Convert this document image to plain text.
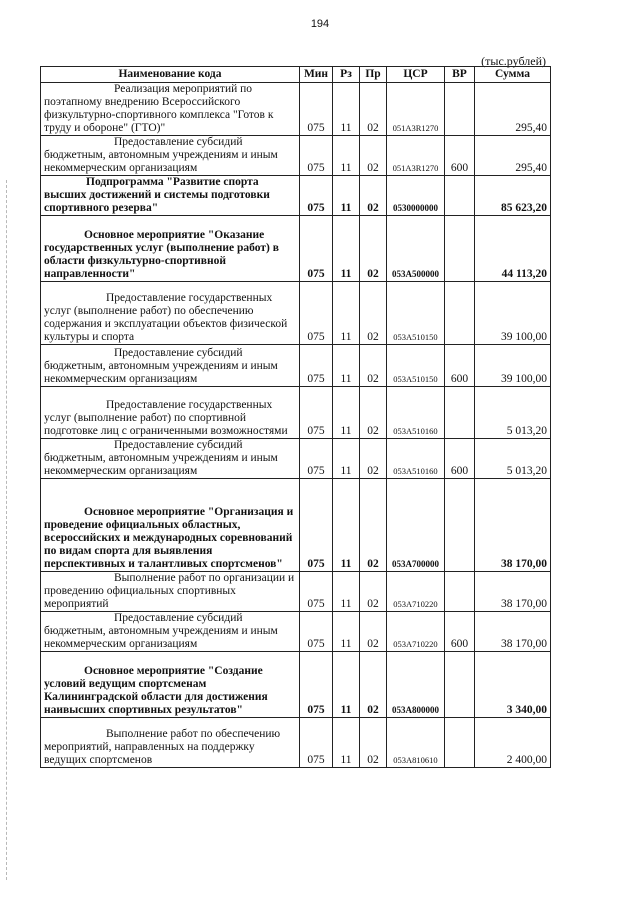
194
(тыс.рублей)
Наименование кода	Мин	Рз	Пр	ЦСР	ВР	Сумма
Реализация мероприятий по поэтапному внедрению Всероссийского физкультурно-спортивного комплекса "Готов к труду и обороне" (ГТО)"	075	11	02	051A3R1270		295,40
Предоставление субсидий бюджетным, автономным учреждениям и иным некоммерческим организациям	075	11	02	051A3R1270	600	295,40
Подпрограмма "Развитие спорта высших достижений и системы подготовки спортивного резерва"	075	11	02	0530000000		85 623,20
Основное мероприятие "Оказание государственных услуг (выполнение работ) в области физкультурно-спортивной направленности"	075	11	02	053A500000		44 113,20
Предоставление государственных услуг (выполнение работ) по обеспечению содержания и эксплуатации объектов физической культуры и спорта	075	11	02	053A510150		39 100,00
Предоставление субсидий бюджетным, автономным учреждениям и иным некоммерческим организациям	075	11	02	053A510150	600	39 100,00
Предоставление государственных услуг (выполнение работ) по спортивной подготовке лиц с ограниченными возможностями	075	11	02	053A510160		5 013,20
Предоставление субсидий бюджетным, автономным учреждениям и иным некоммерческим организациям	075	11	02	053A510160	600	5 013,20
Основное мероприятие "Организация и проведение официальных областных, всероссийских и международных соревнований по видам спорта для выявления перспективных и талантливых спортсменов"	075	11	02	053A700000		38 170,00
Выполнение работ по организации и проведению официальных спортивных мероприятий	075	11	02	053A710220		38 170,00
Предоставление субсидий бюджетным, автономным учреждениям и иным некоммерческим организациям	075	11	02	053A710220	600	38 170,00
Основное мероприятие "Создание условий ведущим спортсменам Калининградской области для достижения наивысших спортивных результатов"	075	11	02	053A800000		3 340,00
Выполнение работ по обеспечению мероприятий, направленных на поддержку ведущих спортсменов	075	11	02	053A810610		2 400,00
